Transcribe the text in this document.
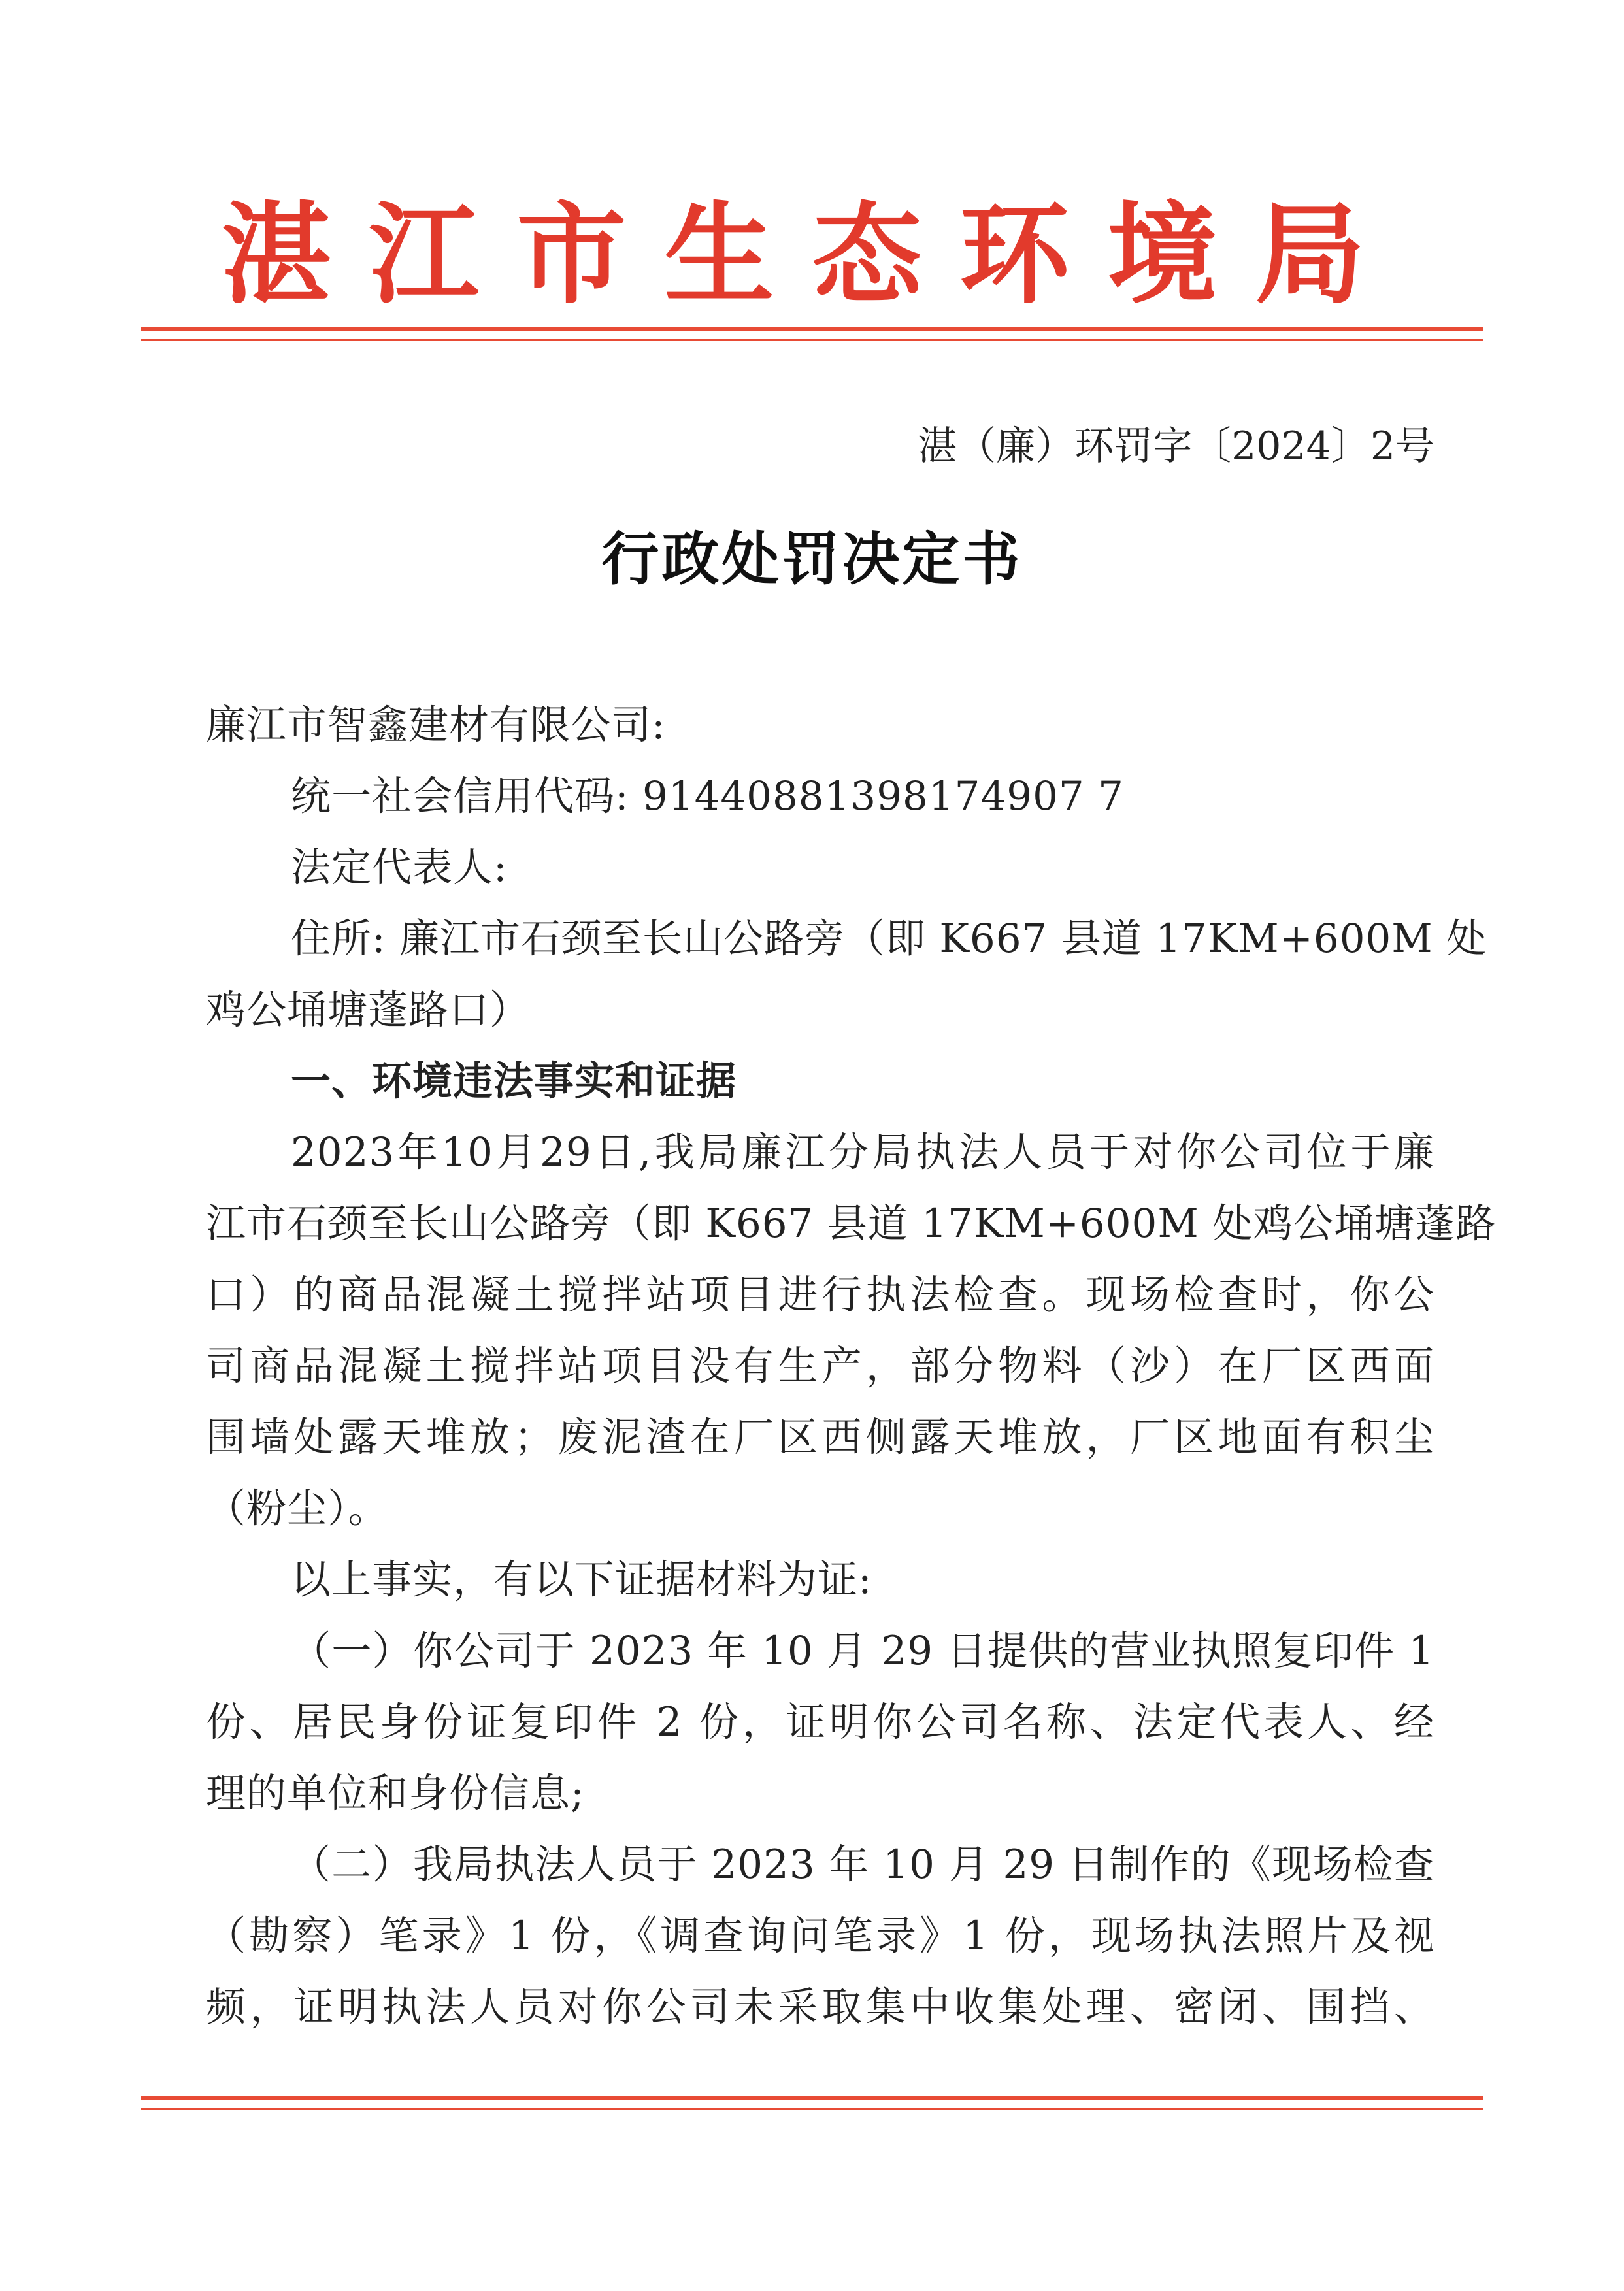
湛江市生态环境局
湛（廉）环罚字〔2024〕2号
行政处罚决定书
廉江市智鑫建材有限公司:
统一社会信用代码: 91440881398174907 7
法定代表人:
住所: 廉江市石颈至长山公路旁（即 K667 县道 17KM+600M 处
鸡公埇塘蓬路口）
一、环境违法事实和证据
2023年10月29日,我局廉江分局执法人员于对你公司位于廉
江市石颈至长山公路旁（即 K667 县道 17KM+600M 处鸡公埇塘蓬路
口）的商品混凝土搅拌站项目进行执法检查。现场检查时，你公
司商品混凝土搅拌站项目没有生产，部分物料（沙）在厂区西面
围墙处露天堆放；废泥渣在厂区西侧露天堆放，厂区地面有积尘
（粉尘）。
以上事实，有以下证据材料为证:
（一）你公司于 2023 年 10 月 29 日提供的营业执照复印件 1
份、居民身份证复印件 2 份，证明你公司名称、法定代表人、经
理的单位和身份信息;
（二）我局执法人员于 2023 年 10 月 29 日制作的《现场检查
（勘察）笔录》1 份，《调查询问笔录》1 份，现场执法照片及视
频，证明执法人员对你公司未采取集中收集处理、密闭、围挡、
